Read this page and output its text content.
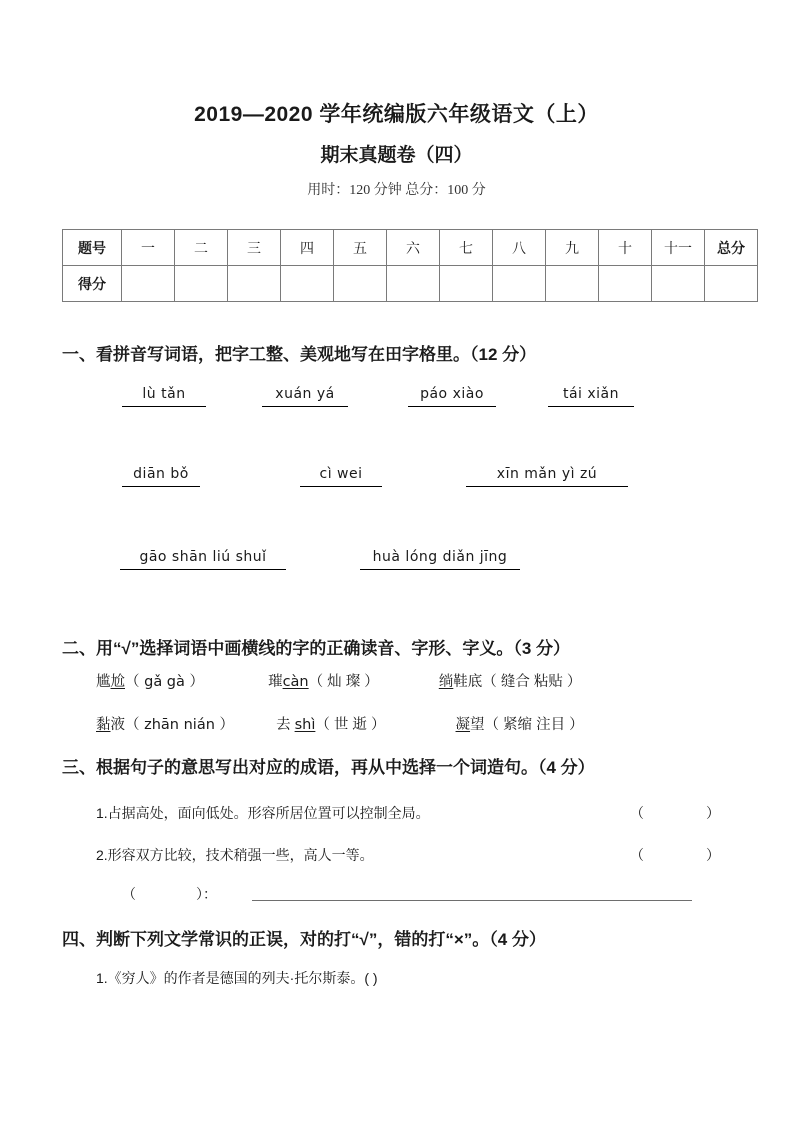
2019—2020 学年统编版六年级语文（上）
期末真题卷（四）
用时：120 分钟 总分：100 分
题号	一	二	三	四	五	六	七	八	九	十	十一	总分
得分												
一、看拼音写词语，把字工整、美观地写在田字格里。（12 分）
lù tǎn	xuán yá	páo xiào	tái xiǎn
diān bǒ	cì wei	xīn mǎn yì zú
gāo shān liú shuǐ	huà lóng diǎn jīng
二、用“√”选择词语中画横线的字的正确读音、字形、字义。（3 分）
尴尬（ gǎ gà ）	璀càn（ 灿 璨 ）	绱鞋底（ 缝合 粘贴 ）
黏液（ zhān nián ）	去 shì（ 世 逝 ）	凝望（ 紧缩 注目 ）
三、根据句子的意思写出对应的成语，再从中选择一个词造句。（4 分）
1.占据高处，面向低处。形容所居位置可以控制全局。	（	）
2.形容双方比较，技术稍强一些，高人一等。	（	）
（	）：
四、判断下列文学常识的正误，对的打“√”，错的打“×”。（4 分）
1.《穷人》的作者是德国的列夫·托尔斯泰。( )
